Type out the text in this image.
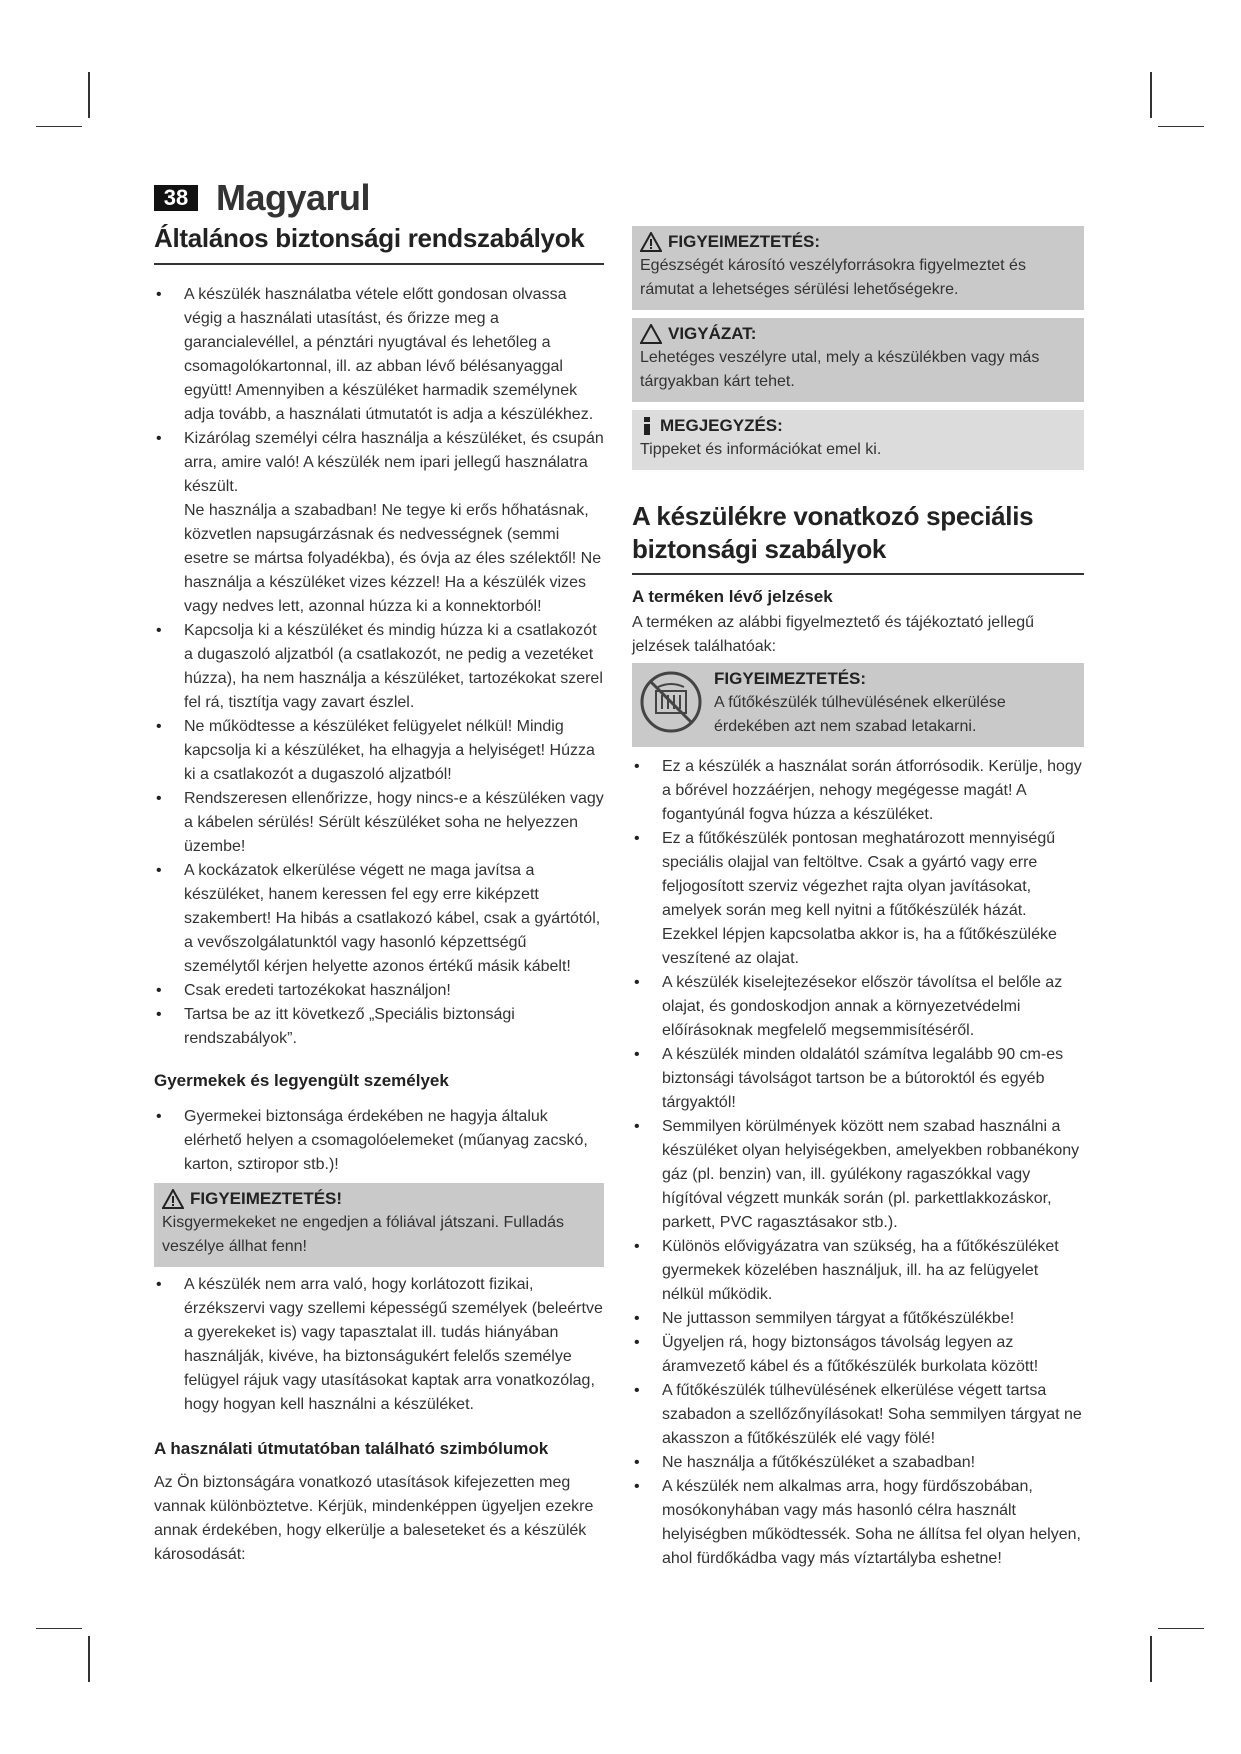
38 Magyarul
Általános biztonsági rendszabályok
• A készülék használatba vétele előtt gondosan olvassa végig a használati utasítást, és őrizze meg a garancialevéllel, a pénztári nyugtával és lehetőleg a csomagolókartonnal, ill. az abban lévő bélésanyaggal együtt! Amennyiben a készüléket harmadik személynek adja tovább, a használati útmutatót is adja a készülékhez.
• Kizárólag személyi célra használja a készüléket, és csupán arra, amire való! A készülék nem ipari jellegű használatra készült.
Ne használja a szabadban! Ne tegye ki erős hőhatásnak, közvetlen napsugárzásnak és nedvességnek (semmi esetre se mártsa folyadékba), és óvja az éles szélektől! Ne használja a készüléket vizes kézzel! Ha a készülék vizes vagy nedves lett, azonnal húzza ki a konnektorból!
• Kapcsolja ki a készüléket és mindig húzza ki a csatlakozót a dugaszoló aljzatból (a csatlakozót, ne pedig a vezetéket húzza), ha nem használja a készüléket, tartozékokat szerel fel rá, tisztítja vagy zavart észlel.
• Ne működtesse a készüléket felügyelet nélkül! Mindig kapcsolja ki a készüléket, ha elhagyja a helyiséget! Húzza ki a csatlakozót a dugaszoló aljzatból!
• Rendszeresen ellenőrizze, hogy nincs-e a készüléken vagy a kábelen sérülés! Sérült készüléket soha ne helyezzen üzembe!
• A kockázatok elkerülése végett ne maga javítsa a készüléket, hanem keressen fel egy erre kiképzett szakembert! Ha hibás a csatlakozó kábel, csak a gyártótól, a vevőszolgálatunktól vagy hasonló képzettségű személytől kérjen helyette azonos értékű másik kábelt!
• Csak eredeti tartozékokat használjon!
• Tartsa be az itt következő „Speciális biztonsági rendszabályok”.
Gyermekek és legyengült személyek
• Gyermekei biztonsága érdekében ne hagyja általuk elérhető helyen a csomagolóelemeket (műanyag zacskó, karton, sztiropor stb.)!
FIGYEIMEZTETÉS!
Kisgyermekeket ne engedjen a fóliával játszani. Fulladás veszélye állhat fenn!
• A készülék nem arra való, hogy korlátozott fizikai, érzékszervi vagy szellemi képességű személyek (beleértve a gyerekeket is) vagy tapasztalat ill. tudás hiányában használják, kivéve, ha biztonságukért felelős személye felügyel rájuk vagy utasításokat kaptak arra vonatkozólag, hogy hogyan kell használni a készüléket.
A használati útmutatóban található szimbólumok

Az Ön biztonságára vonatkozó utasítások kifejezetten meg vannak különböztetve. Kérjük, mindenképpen ügyeljen ezekre annak érdekében, hogy elkerülje a baleseteket és a készülék károsodását:

FIGYEIMEZTETÉS:
Egészségét károsító veszélyforrásokra figyelmeztet és rámutat a lehetséges sérülési lehetőségekre.
VIGYÁZAT:
Lehetéges veszélyre utal, mely a készülékben vagy más tárgyakban kárt tehet.
MEGJEGYZÉS:
Tippeket és információkat emel ki.
A készülékre vonatkozó speciális biztonsági szabályok
A terméken lévő jelzések

A terméken az alábbi figyelmeztető és tájékoztató jellegű jelzések találhatóak:

FIGYEIMEZTETÉS:
A fűtőkészülék túlhevülésének elkerülése érdekében azt nem szabad letakarni.
• Ez a készülék a használat során átforrósodik. Kerülje, hogy a bőrével hozzáérjen, nehogy megégesse magát! A fogantyúnál fogva húzza a készüléket.
• Ez a fűtőkészülék pontosan meghatározott mennyiségű speciális olajjal van feltöltve. Csak a gyártó vagy erre feljogosított szerviz végezhet rajta olyan javításokat, amelyek során meg kell nyitni a fűtőkészülék házát. Ezekkel lépjen kapcsolatba akkor is, ha a fűtőkészüléke veszítené az olajat.
• A készülék kiselejtezésekor először távolítsa el belőle az olajat, és gondoskodjon annak a környezetvédelmi előírásoknak megfelelő megsemmisítéséről.
• A készülék minden oldalától számítva legalább 90 cm-es biztonsági távolságot tartson be a bútoroktól és egyéb tárgyaktól!
• Semmilyen körülmények között nem szabad használni a készüléket olyan helyiségekben, amelyekben robbanékony gáz (pl. benzin) van, ill. gyúlékony ragaszókkal vagy hígítóval végzett munkák során (pl. parkettlakkozáskor, parkett, PVC ragasztásakor stb.).
• Különös elővigyázatra van szükség, ha a fűtőkészüléket gyermekek közelében használjuk, ill. ha az felügyelet nélkül működik.
• Ne juttasson semmilyen tárgyat a fűtőkészülékbe!
• Ügyeljen rá, hogy biztonságos távolság legyen az áramvezető kábel és a fűtőkészülék burkolata között!
• A fűtőkészülék túlhevülésének elkerülése végett tartsa szabadon a szellőzőnyílásokat! Soha semmilyen tárgyat ne akasszon a fűtőkészülék elé vagy fölé!
• Ne használja a fűtőkészüléket a szabadban!
• A készülék nem alkalmas arra, hogy fürdőszobában, mosókonyhában vagy más hasonló célra használt helyiségben működtessék. Soha ne állítsa fel olyan helyen, ahol fürdőkádba vagy más víztartályba eshetne!
